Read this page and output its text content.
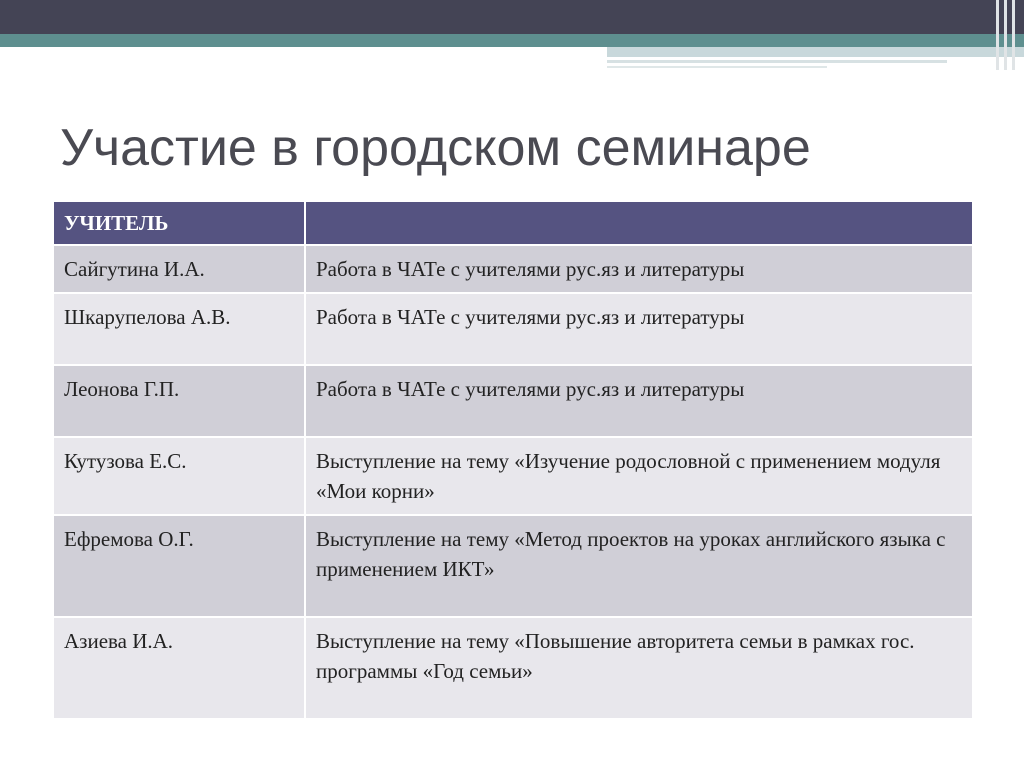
Участие в городском семинаре
УЧИТЕЛЬ	
Сайгутина И.А.	Работа в ЧАТе с учителями рус.яз и литературы
Шкарупелова А.В.	Работа в ЧАТе с учителями рус.яз и литературы
Леонова Г.П.	Работа в ЧАТе с учителями рус.яз и литературы
Кутузова Е.С.	Выступление на тему «Изучение родословной с применением модуля «Мои корни»
Ефремова О.Г.	Выступление на тему «Метод проектов на уроках английского языка с применением ИКТ»
Азиева И.А.	Выступление на тему «Повышение авторитета семьи в рамках гос. программы «Год семьи»
